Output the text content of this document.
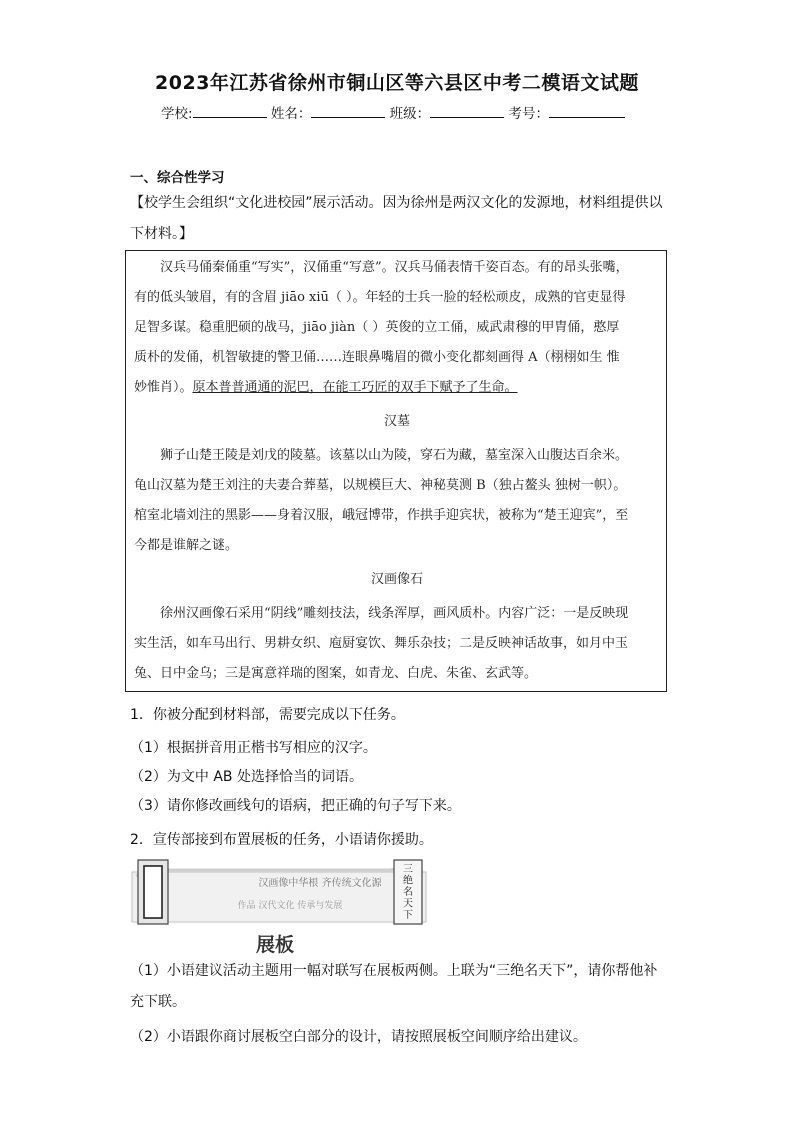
2023年江苏省徐州市铜山区等六县区中考二模语文试题
学校:	姓名：	班级：	考号：
一、综合性学习
【校学生会组织“文化进校园”展示活动。因为徐州是两汉文化的发源地，材料组提供以下材料。】

汉兵马俑秦俑重“写实”，汉俑重“写意”。汉兵马俑表情千姿百态。有的昂头张嘴，

有的低头皱眉，有的含眉 jiāo xiū（ ）。年轻的士兵一脸的轻松顽皮，成熟的官吏显得

足智多谋。稳重肥硕的战马，jiāo jiàn（ ）英俊的立工俑，威武肃穆的甲胄俑，憨厚

质朴的发俑，机智敏捷的警卫俑……连眼鼻嘴眉的微小变化都刻画得 A（栩栩如生 惟

妙惟肖）。原本普普通通的泥巴，在能工巧匠的双手下赋予了生命。

汉墓

狮子山楚王陵是刘戊的陵墓。该墓以山为陵，穿石为藏，墓室深入山腹达百余米。

龟山汉墓为楚王刘注的夫妻合葬墓，以规模巨大、神秘莫测 B（独占鳌头 独树一帜）。

棺室北墙刘注的黑影——身着汉服，峨冠博带，作拱手迎宾状，被称为“楚王迎宾”，至

今都是谁解之谜。

汉画像石

徐州汉画像石采用“阴线”雕刻技法，线条浑厚，画风质朴。内容广泛：一是反映现

实生活，如车马出行、男耕女织、庖厨宴饮、舞乐杂技；二是反映神话故事，如月中玉

兔、日中金乌；三是寓意祥瑞的图案，如青龙、白虎、朱雀、玄武等。

1．你被分配到材料部，需要完成以下任务。
（1）根据拼音用正楷书写相应的汉字。
（2）为文中 AB 处选择恰当的词语。
（3）请你修改画线句的语病，把正确的句子写下来。
2．宣传部接到布置展板的任务，小语请你援助。
汉画像中华根 齐传统文化源
作品 汉代文化 传承与发展
三
绝
名
天
下
展板
（1）小语建议活动主题用一幅对联写在展板两侧。上联为“三绝名天下”，请你帮他补充下联。
（2）小语跟你商讨展板空白部分的设计，请按照展板空间顺序给出建议。
